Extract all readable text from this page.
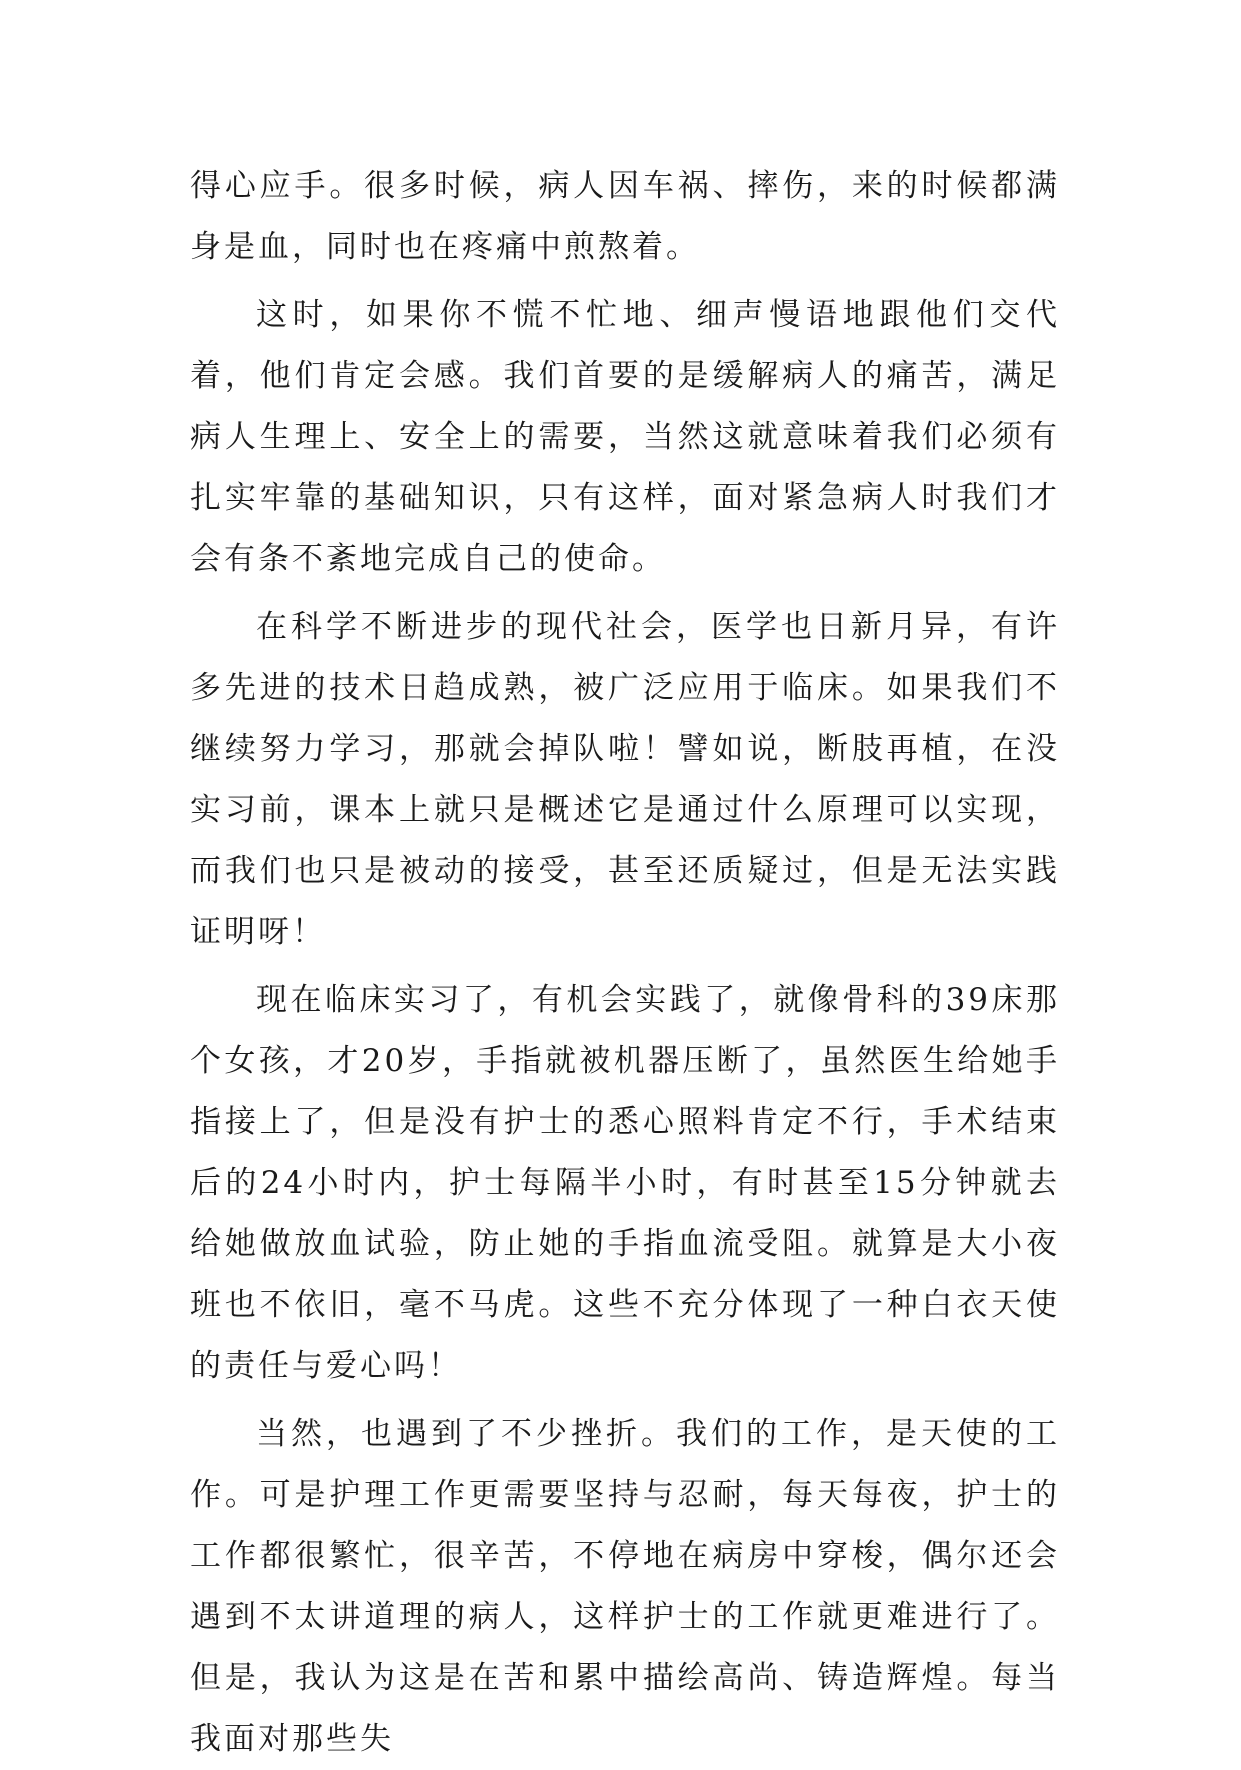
得心应手。很多时候，病人因车祸、摔伤，来的时候都满身是血，同时也在疼痛中煎熬着。

这时，如果你不慌不忙地、细声慢语地跟他们交代着，他们肯定会感。我们首要的是缓解病人的痛苦，满足病人生理上、安全上的需要，当然这就意味着我们必须有扎实牢靠的基础知识，只有这样，面对紧急病人时我们才会有条不紊地完成自己的使命。

在科学不断进步的现代社会，医学也日新月异，有许多先进的技术日趋成熟，被广泛应用于临床。如果我们不继续努力学习，那就会掉队啦！譬如说，断肢再植，在没实习前，课本上就只是概述它是通过什么原理可以实现，而我们也只是被动的接受，甚至还质疑过，但是无法实践证明呀！

现在临床实习了，有机会实践了，就像骨科的39床那个女孩，才20岁，手指就被机器压断了，虽然医生给她手指接上了，但是没有护士的悉心照料肯定不行，手术结束后的24小时内，护士每隔半小时，有时甚至15分钟就去给她做放血试验，防止她的手指血流受阻。就算是大小夜班也不依旧，毫不马虎。这些不充分体现了一种白衣天使的责任与爱心吗！

当然，也遇到了不少挫折。我们的工作，是天使的工作。可是护理工作更需要坚持与忍耐，每天每夜，护士的工作都很繁忙，很辛苦，不停地在病房中穿梭，偶尔还会遇到不太讲道理的病人，这样护士的工作就更难进行了。但是，我认为这是在苦和累中描绘高尚、铸造辉煌。每当我面对那些失
